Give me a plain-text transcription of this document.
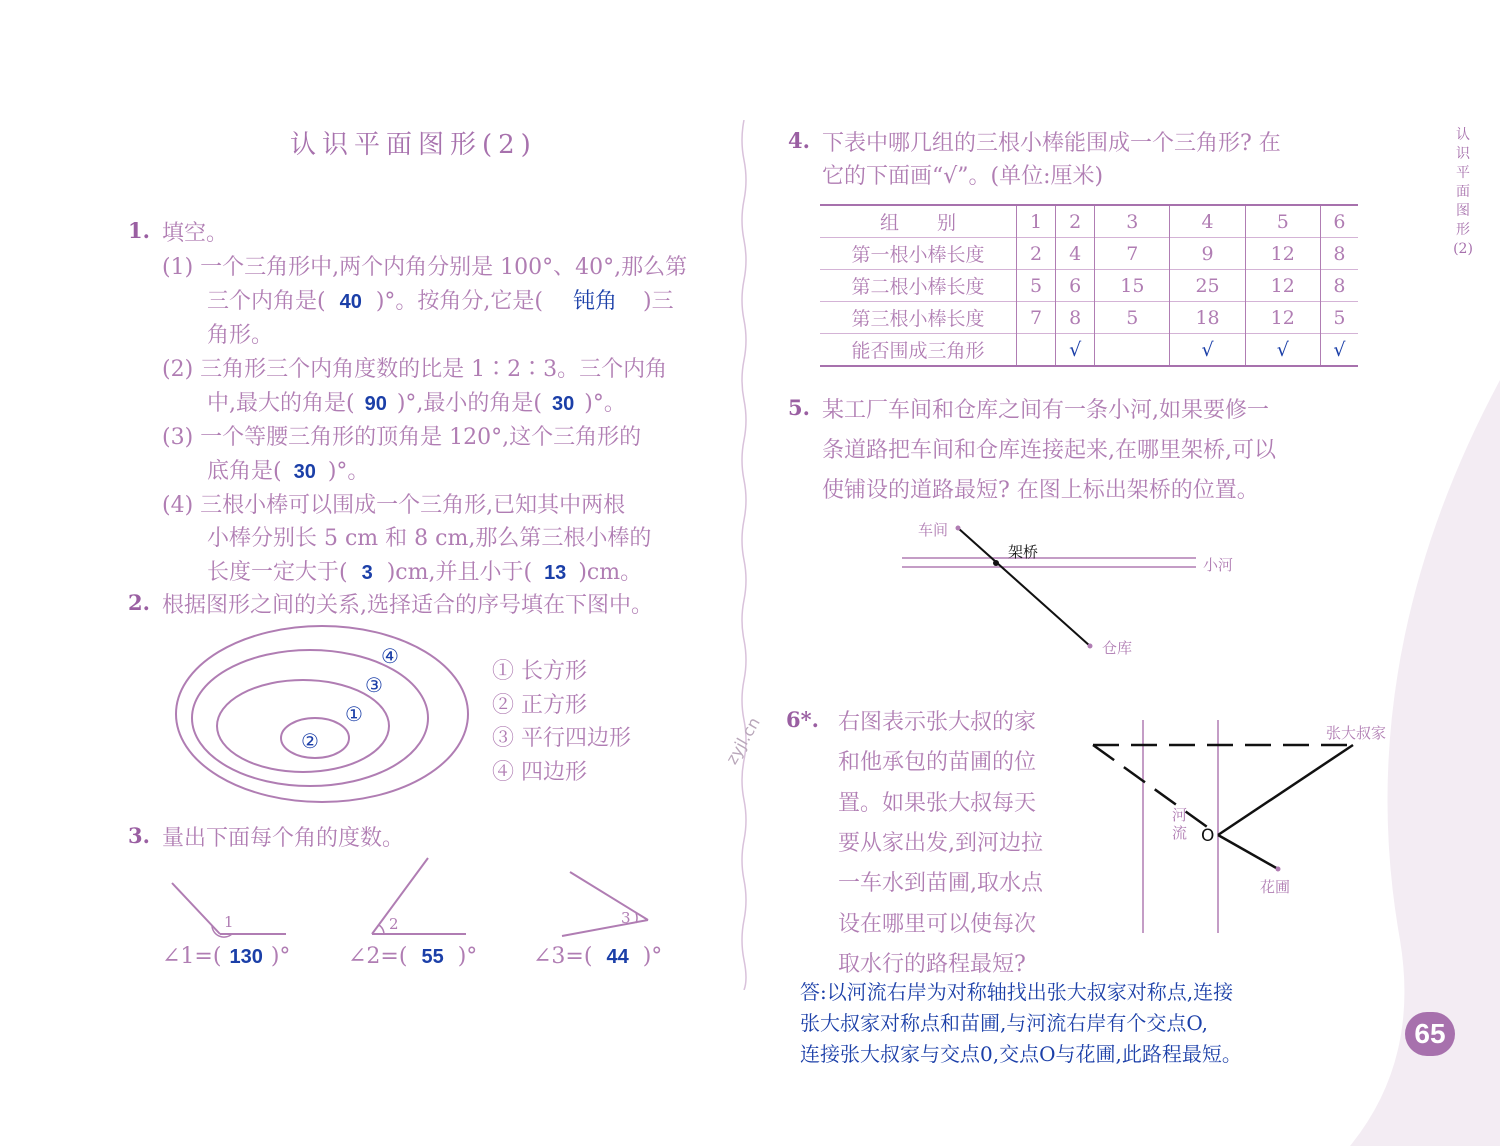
认识平面图形(2)
1. 填空。
(1) 一个三角形中,两个内角分别是 100°、40°,那么第
三个内角是( 40 )°。按角分,它是( 钝角 )三
角形。
(2) 三角形三个内角度数的比是 1∶2∶3。三个内角
中,最大的角是( 90 )°,最小的角是( 30 )°。
(3) 一个等腰三角形的顶角是 120°,这个三角形的
底角是( 30 )°。
(4) 三根小棒可以围成一个三角形,已知其中两根
小棒分别长 5 cm 和 8 cm,那么第三根小棒的
长度一定大于( 3 )cm,并且小于( 13 )cm。
2. 根据图形之间的关系,选择适合的序号填在下图中。
④
③
①
②
① 长方形
② 正方形
③ 平行四边形
④ 四边形
3. 量出下面每个角的度数。
1	2	3
∠1=( 130 )°	∠2=( 55 )°	∠3=( 44 )°
zyjl.cn
4. 下表中哪几组的三根小棒能围成一个三角形? 在
它的下面画“√”。(单位:厘米)
组　　别	1	2	3	4	5	6
第一根小棒长度	2	4	7	9	12	8
第二根小棒长度	5	6	15	25	12	8
第三根小棒长度	7	8	5	18	12	5
能否围成三角形		√		√	√	√
5. 某工厂车间和仓库之间有一条小河,如果要修一
条道路把车间和仓库连接起来,在哪里架桥,可以
使铺设的道路最短? 在图上标出架桥的位置。
车间
架桥
小河
仓库
6*. 右图表示张大叔的家
和他承包的苗圃的位
置。如果张大叔每天
要从家出发,到河边拉
一车水到苗圃,取水点
设在哪里可以使每次
取水行的路程最短?
张大叔家
河
流 O
花圃
答:以河流右岸为对称轴找出张大叔家对称点,连接
张大叔家对称点和苗圃,与河流右岸有个交点O,
连接张大叔家与交点0,交点O与花圃,此路程最短。
认识平面图形(2)
65
